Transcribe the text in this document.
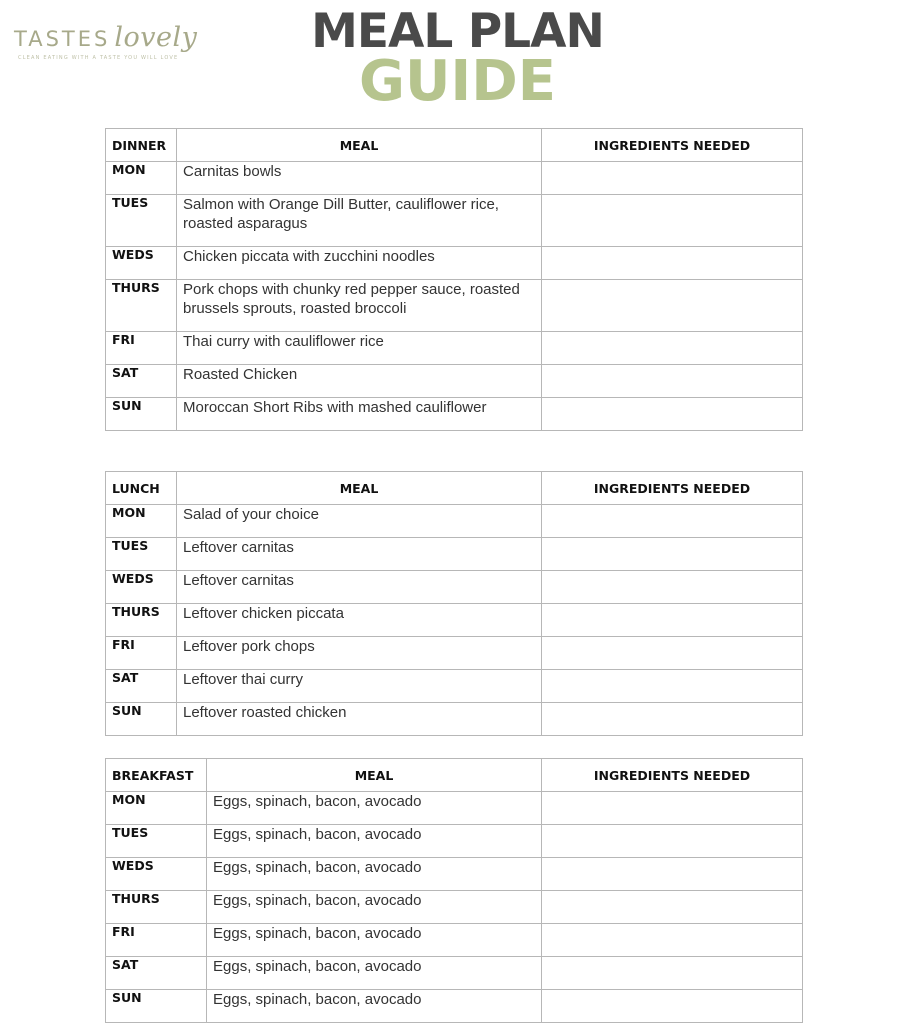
TASTES lovely
CLEAN EATING WITH A TASTE YOU WILL LOVE	MEAL PLAN
GUIDE
DINNER	MEAL	INGREDIENTS NEEDED
MON	Carnitas bowls	
TUES	Salmon with Orange Dill Butter, cauliflower rice, roasted asparagus	
WEDS	Chicken piccata with zucchini noodles	
THURS	Pork chops with chunky red pepper sauce, roasted brussels sprouts, roasted broccoli	
FRI	Thai curry with cauliflower rice	
SAT	Roasted Chicken	
SUN	Moroccan Short Ribs with mashed cauliflower	
LUNCH	MEAL	INGREDIENTS NEEDED
MON	Salad of your choice	
TUES	Leftover carnitas	
WEDS	Leftover carnitas	
THURS	Leftover chicken piccata	
FRI	Leftover pork chops	
SAT	Leftover thai curry	
SUN	Leftover roasted chicken	
BREAKFAST	MEAL	INGREDIENTS NEEDED
MON	Eggs, spinach, bacon, avocado	
TUES	Eggs, spinach, bacon, avocado	
WEDS	Eggs, spinach, bacon, avocado	
THURS	Eggs, spinach, bacon, avocado	
FRI	Eggs, spinach, bacon, avocado	
SAT	Eggs, spinach, bacon, avocado	
SUN	Eggs, spinach, bacon, avocado	
